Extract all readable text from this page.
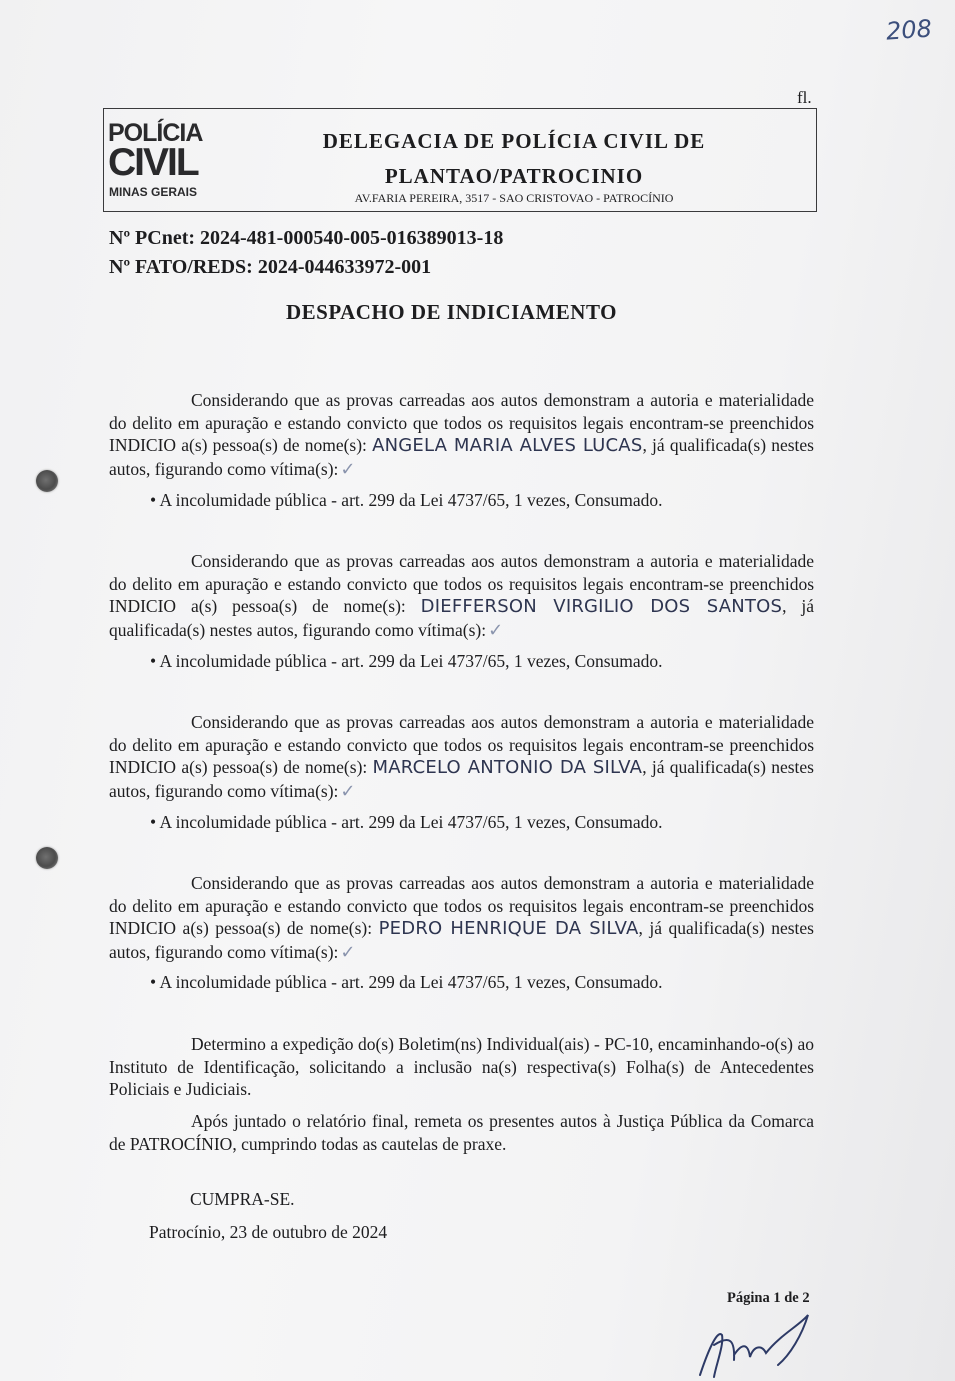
208
fl.
POLÍCIA
CIVIL
MINAS GERAIS
DELEGACIA DE POLÍCIA CIVIL DE
PLANTAO/PATROCINIO
AV.FARIA PEREIRA, 3517 - SAO CRISTOVAO - PATROCÍNIO
Nº PCnet: 2024-481-000540-005-016389013-18
Nº FATO/REDS: 2024-044633972-001
DESPACHO DE INDICIAMENTO

Considerando que as provas carreadas aos autos demonstram a autoria e materialidade do delito em apuração e estando convicto que todos os requisitos legais encontram-se preenchidos INDICIO a(s) pessoa(s) de nome(s): ANGELA MARIA ALVES LUCAS, já qualificada(s) nestes autos, figurando como vítima(s): ✓

• A incolumidade pública - art. 299 da Lei 4737/65, 1 vezes, Consumado.

Considerando que as provas carreadas aos autos demonstram a autoria e materialidade do delito em apuração e estando convicto que todos os requisitos legais encontram-se preenchidos INDICIO a(s) pessoa(s) de nome(s): DIEFFERSON VIRGILIO DOS SANTOS, já qualificada(s) nestes autos, figurando como vítima(s): ✓

• A incolumidade pública - art. 299 da Lei 4737/65, 1 vezes, Consumado.

Considerando que as provas carreadas aos autos demonstram a autoria e materialidade do delito em apuração e estando convicto que todos os requisitos legais encontram-se preenchidos INDICIO a(s) pessoa(s) de nome(s): MARCELO ANTONIO DA SILVA, já qualificada(s) nestes autos, figurando como vítima(s): ✓

• A incolumidade pública - art. 299 da Lei 4737/65, 1 vezes, Consumado.

Considerando que as provas carreadas aos autos demonstram a autoria e materialidade do delito em apuração e estando convicto que todos os requisitos legais encontram-se preenchidos INDICIO a(s) pessoa(s) de nome(s): PEDRO HENRIQUE DA SILVA, já qualificada(s) nestes autos, figurando como vítima(s): ✓

• A incolumidade pública - art. 299 da Lei 4737/65, 1 vezes, Consumado.

Determino a expedição do(s) Boletim(ns) Individual(ais) - PC-10, encaminhando-o(s) ao Instituto de Identificação, solicitando a inclusão na(s) respectiva(s) Folha(s) de Antecedentes Policiais e Judiciais.

Após juntado o relatório final, remeta os presentes autos à Justiça Pública da Comarca de PATROCÍNIO, cumprindo todas as cautelas de praxe.

CUMPRA-SE.
Patrocínio, 23 de outubro de 2024
Página 1 de 2
